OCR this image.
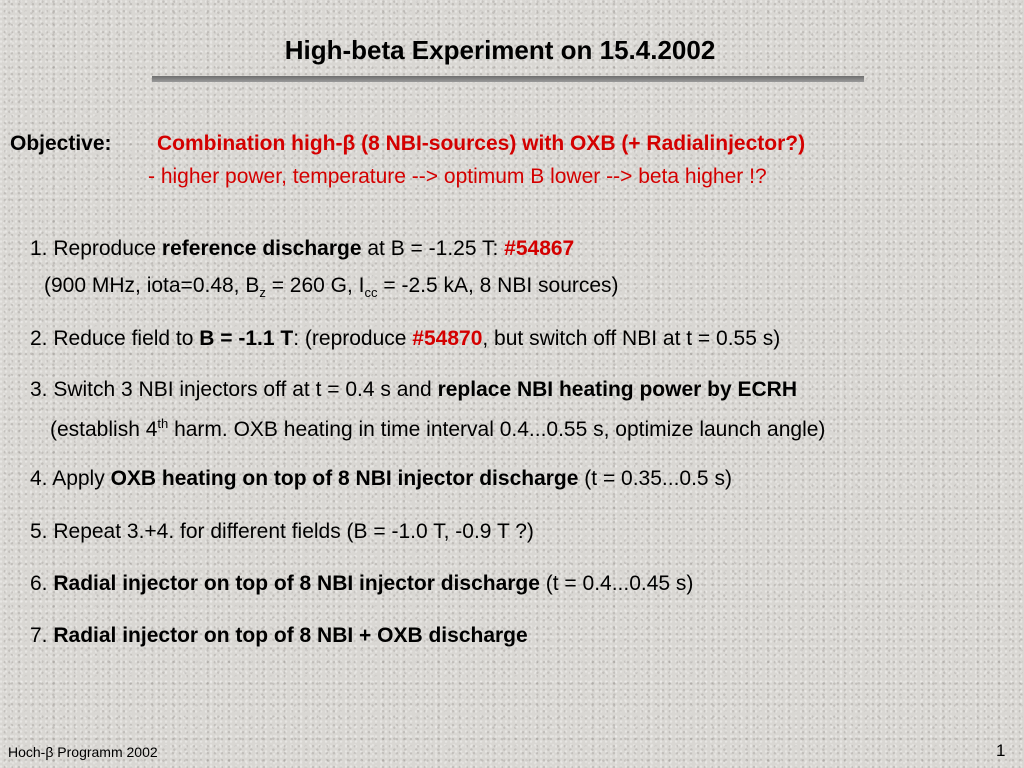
High-beta Experiment on 15.4.2002
Objective: Combination high-β (8 NBI-sources) with OXB (+ Radialinjector?)
- higher power, temperature --> optimum B lower --> beta higher !?
1. Reproduce reference discharge at B = -1.25 T: #54867
(900 MHz, iota=0.48, $B_z = 260$ G, $I_{cc} = -2.5$ kA, 8 NBI sources)
2. Reduce field to B = -1.1 T: (reproduce #54870, but switch off NBI at t = 0.55 s)
3. Switch 3 NBI injectors off at t = 0.4 s and replace NBI heating power by ECRH
(establish 4th harm. OXB heating in time interval 0.4...0.55 s, optimize launch angle)
4. Apply OXB heating on top of 8 NBI injector discharge (t = 0.35...0.5 s)
5. Repeat 3.+4. for different fields (B = -1.0 T, -0.9 T ?)
6. Radial injector on top of 8 NBI injector discharge (t = 0.4...0.45 s)
7. Radial injector on top of 8 NBI + OXB discharge
Hoch-β Programm 2002	1
